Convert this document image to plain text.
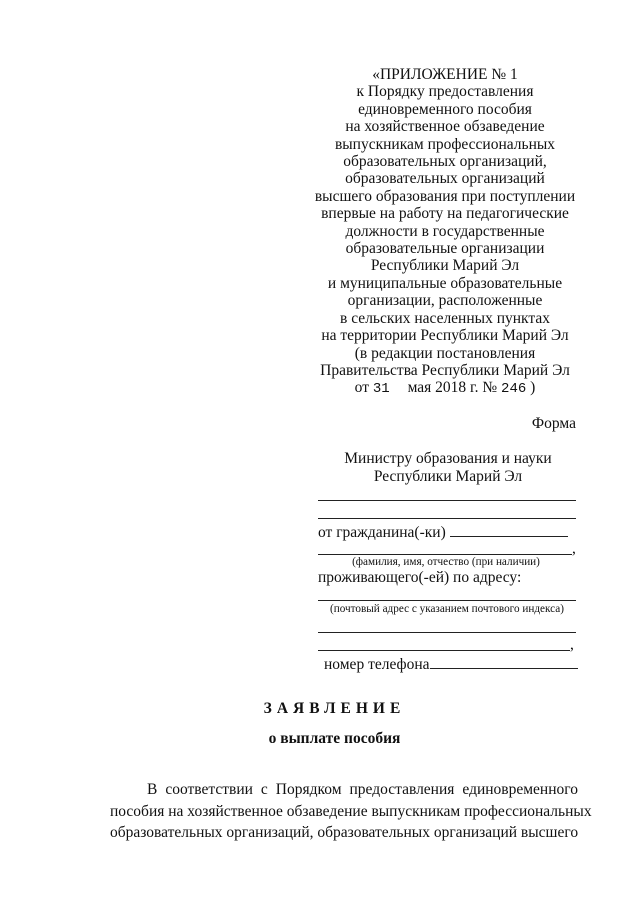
«ПРИЛОЖЕНИЕ № 1
к Порядку предоставления
единовременного пособия
на хозяйственное обзаведение
выпускникам профессиональных
образовательных организаций,
образовательных организаций
высшего образования при поступлении
впервые на работу на педагогические
должности в государственные
образовательные организации
Республики Марий Эл
и муниципальные образовательные
организации, расположенные
в сельских населенных пунктах
на территории Республики Марий Эл
(в редакции постановления
Правительства Республики Марий Эл
от 31 мая 2018 г. № 246 )
Форма
Министру образования и науки
Республики Марий Эл
от гражданина(-ки)
,
(фамилия, имя, отчество (при наличии)
проживающего(-ей) по адресу:
(почтовый адрес с указанием почтового индекса)
,
номер телефона
ЗАЯВЛЕНИЕ
о выплате пособия
В соответствии с Порядком предоставления единовременного
пособия на хозяйственное обзаведение выпускникам профессиональных
образовательных организаций, образовательных организаций высшего
